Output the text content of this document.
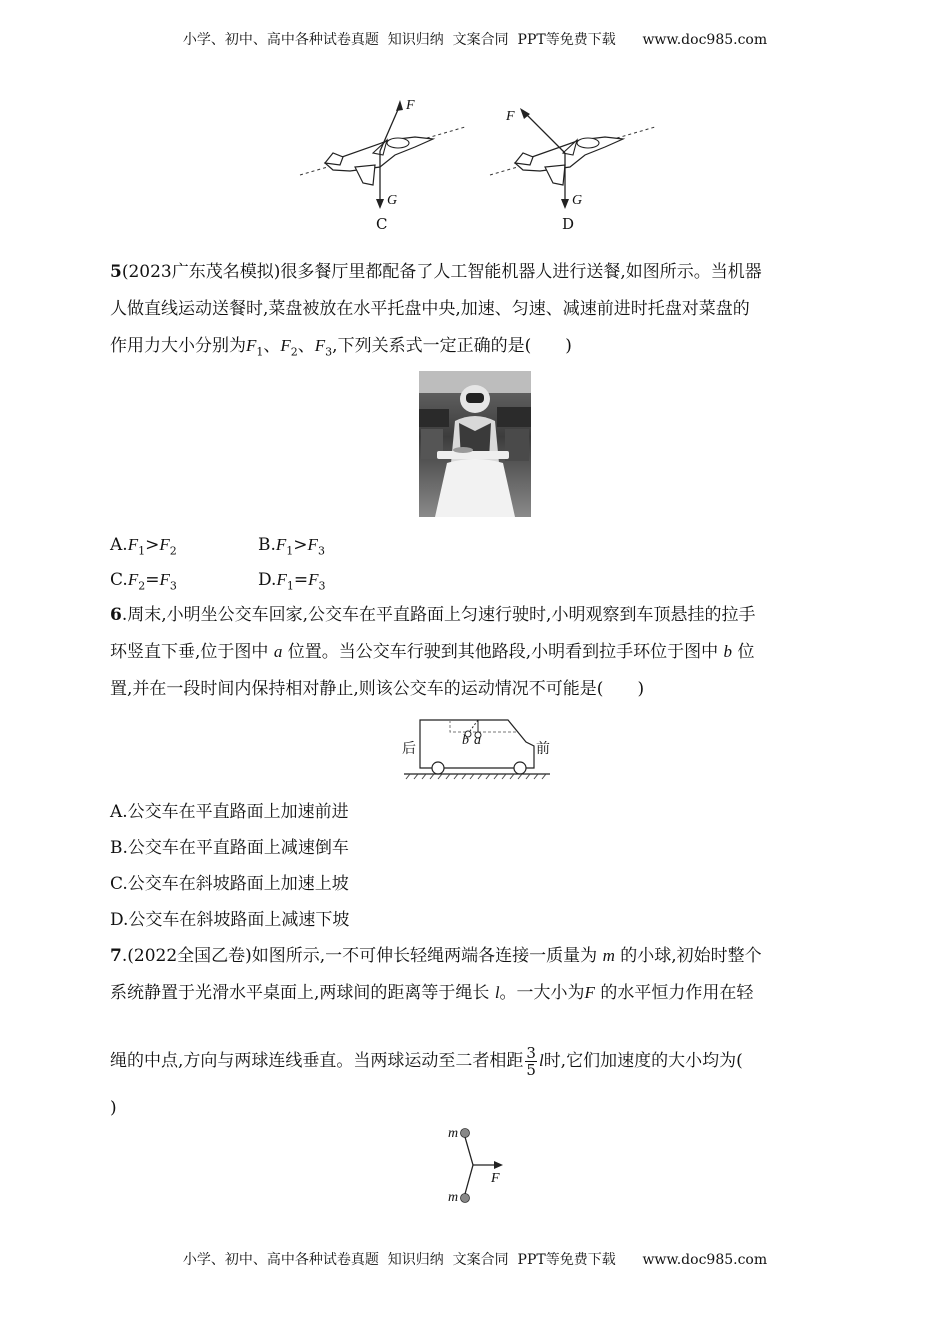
小学、初中、高中各种试卷真题  知识归纳  文案合同  PPT等免费下载      www.doc985.com
F
G
C
F
G
D
5(2023广东茂名模拟)很多餐厅里都配备了人工智能机器人进行送餐,如图所示。当机器
人做直线运动送餐时,菜盘被放在水平托盘中央,加速、匀速、减速前进时托盘对菜盘的
作用力大小分别为$F_1$、$F_2$、$F_3$,下列关系式一定正确的是(　　)
$A.F_1>F_2$	$B.F_1>F_3$
$C.F_2=F_3$	$D.F_1=F_3$
6.周末,小明坐公交车回家,公交车在平直路面上匀速行驶时,小明观察到车顶悬挂的拉手
环竖直下垂,位于图中 a 位置。当公交车行驶到其他路段,小明看到拉手环位于图中 b 位
置,并在一段时间内保持相对静止,则该公交车的运动情况不可能是(　　)
后	前
b a
A.公交车在平直路面上加速前进
B.公交车在平直路面上减速倒车
C.公交车在斜坡路面上加速上坡
D.公交车在斜坡路面上减速下坡
7.(2022全国乙卷)如图所示,一不可伸长轻绳两端各连接一质量为 m 的小球,初始时整个
系统静置于光滑水平桌面上,两球间的距离等于绳长 l。一大小为F 的水平恒力作用在轻
绳的中点,方向与两球连线垂直。当两球运动至二者相距 $\frac{3}{5}$ l时,它们加速度的大小均为(
)
m
m
F
小学、初中、高中各种试卷真题  知识归纳  文案合同  PPT等免费下载      www.doc985.com
